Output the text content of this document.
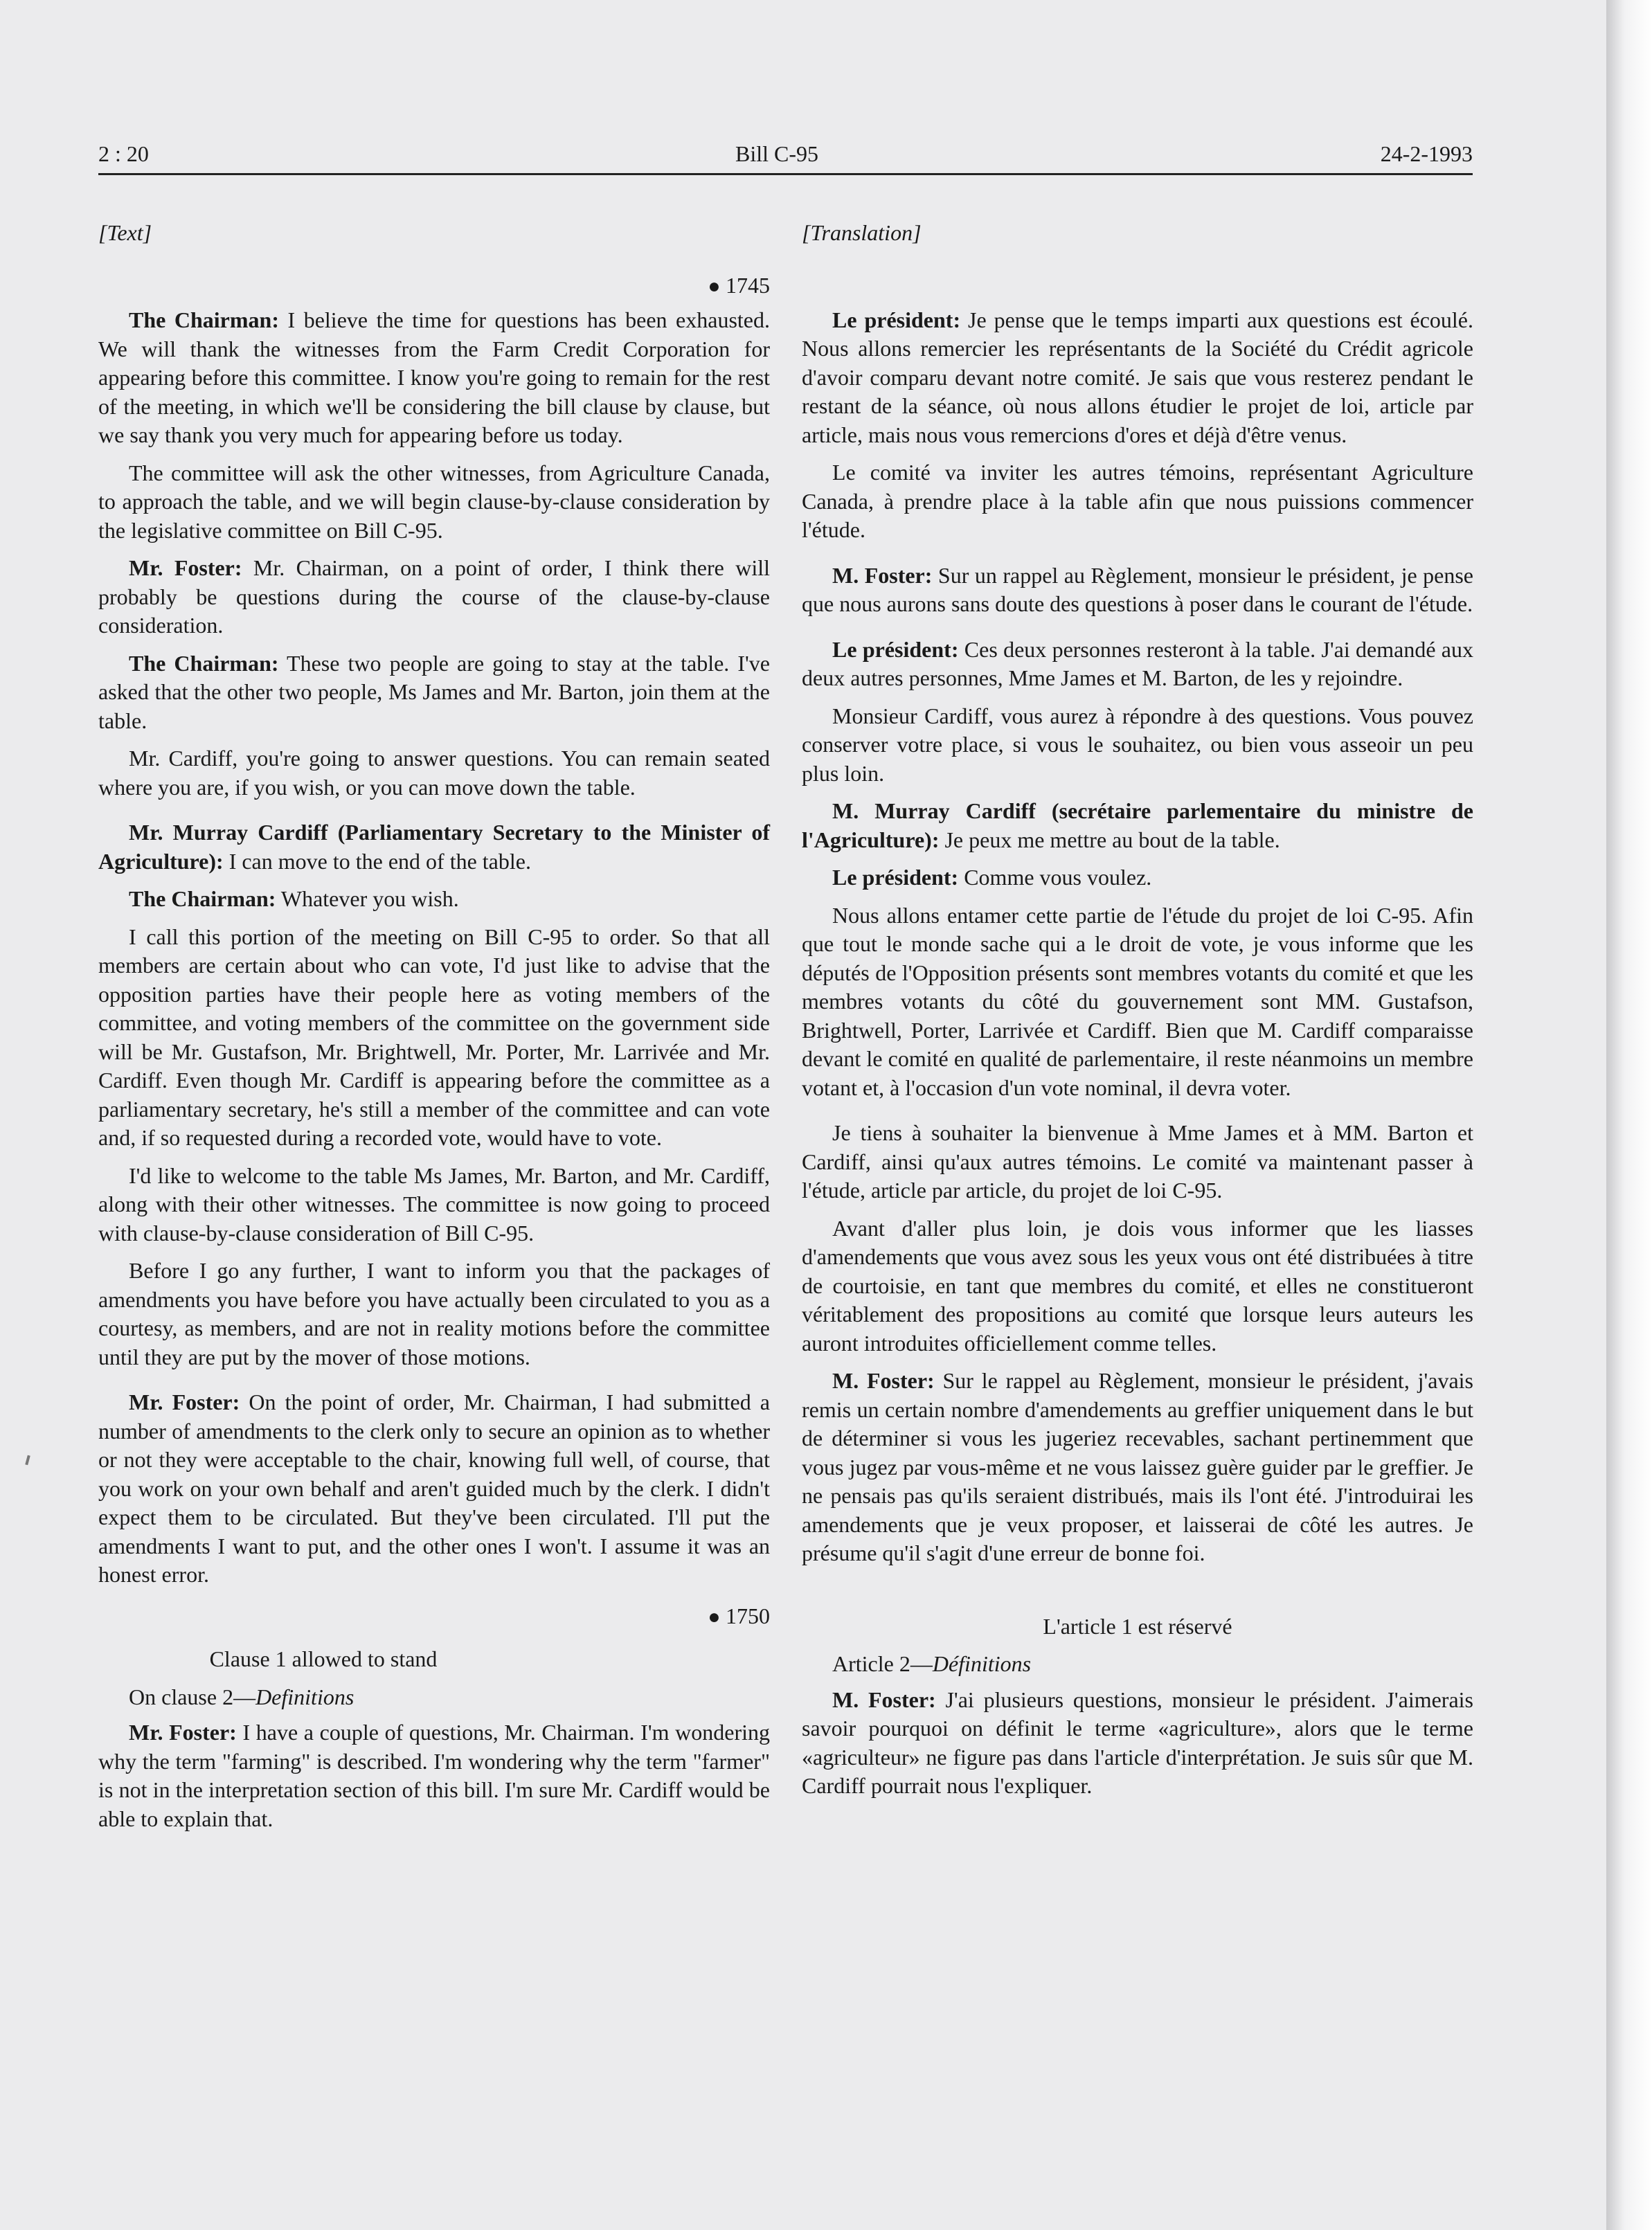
2 : 20	Bill C-95	24-2-1993
[Text]
● 1745

The Chairman: I believe the time for questions has been exhausted. We will thank the witnesses from the Farm Credit Corporation for appearing before this committee. I know you're going to remain for the rest of the meeting, in which we'll be considering the bill clause by clause, but we say thank you very much for appearing before us today.

The committee will ask the other witnesses, from Agriculture Canada, to approach the table, and we will begin clause-by-clause consideration by the legislative committee on Bill C-95.

Mr. Foster: Mr. Chairman, on a point of order, I think there will probably be questions during the course of the clause-by-clause consideration.

The Chairman: These two people are going to stay at the table. I've asked that the other two people, Ms James and Mr. Barton, join them at the table.

Mr. Cardiff, you're going to answer questions. You can remain seated where you are, if you wish, or you can move down the table.

Mr. Murray Cardiff (Parliamentary Secretary to the Minister of Agriculture): I can move to the end of the table.

The Chairman: Whatever you wish.

I call this portion of the meeting on Bill C-95 to order. So that all members are certain about who can vote, I'd just like to advise that the opposition parties have their people here as voting members of the committee, and voting members of the committee on the government side will be Mr. Gustafson, Mr. Brightwell, Mr. Porter, Mr. Larrivée and Mr. Cardiff. Even though Mr. Cardiff is appearing before the committee as a parliamentary secretary, he's still a member of the committee and can vote and, if so requested during a recorded vote, would have to vote.

I'd like to welcome to the table Ms James, Mr. Barton, and Mr. Cardiff, along with their other witnesses. The committee is now going to proceed with clause-by-clause consideration of Bill C-95.

Before I go any further, I want to inform you that the packages of amendments you have before you have actually been circulated to you as a courtesy, as members, and are not in reality motions before the committee until they are put by the mover of those motions.

Mr. Foster: On the point of order, Mr. Chairman, I had submitted a number of amendments to the clerk only to secure an opinion as to whether or not they were acceptable to the chair, knowing full well, of course, that you work on your own behalf and aren't guided much by the clerk. I didn't expect them to be circulated. But they've been circulated. I'll put the amendments I want to put, and the other ones I won't. I assume it was an honest error.

● 1750

Clause 1 allowed to stand

On clause 2—Definitions

Mr. Foster: I have a couple of questions, Mr. Chairman. I'm wondering why the term "farming" is described. I'm wondering why the term "farmer" is not in the interpretation section of this bill. I'm sure Mr. Cardiff would be able to explain that.

[Translation]

Le président: Je pense que le temps imparti aux questions est écoulé. Nous allons remercier les représentants de la Société du Crédit agricole d'avoir comparu devant notre comité. Je sais que vous resterez pendant le restant de la séance, où nous allons étudier le projet de loi, article par article, mais nous vous remercions d'ores et déjà d'être venus.

Le comité va inviter les autres témoins, représentant Agriculture Canada, à prendre place à la table afin que nous puissions commencer l'étude.

M. Foster: Sur un rappel au Règlement, monsieur le président, je pense que nous aurons sans doute des questions à poser dans le courant de l'étude.

Le président: Ces deux personnes resteront à la table. J'ai demandé aux deux autres personnes, Mme James et M. Barton, de les y rejoindre.

Monsieur Cardiff, vous aurez à répondre à des questions. Vous pouvez conserver votre place, si vous le souhaitez, ou bien vous asseoir un peu plus loin.

M. Murray Cardiff (secrétaire parlementaire du ministre de l'Agriculture): Je peux me mettre au bout de la table.

Le président: Comme vous voulez.

Nous allons entamer cette partie de l'étude du projet de loi C-95. Afin que tout le monde sache qui a le droit de vote, je vous informe que les députés de l'Opposition présents sont membres votants du comité et que les membres votants du côté du gouvernement sont MM. Gustafson, Brightwell, Porter, Larrivée et Cardiff. Bien que M. Cardiff comparaisse devant le comité en qualité de parlementaire, il reste néanmoins un membre votant et, à l'occasion d'un vote nominal, il devra voter.

Je tiens à souhaiter la bienvenue à Mme James et à MM. Barton et Cardiff, ainsi qu'aux autres témoins. Le comité va maintenant passer à l'étude, article par article, du projet de loi C-95.

Avant d'aller plus loin, je dois vous informer que les liasses d'amendements que vous avez sous les yeux vous ont été distribuées à titre de courtoisie, en tant que membres du comité, et elles ne constitueront véritablement des propositions au comité que lorsque leurs auteurs les auront introduites officiellement comme telles.

M. Foster: Sur le rappel au Règlement, monsieur le président, j'avais remis un certain nombre d'amendements au greffier uniquement dans le but de déterminer si vous les jugeriez recevables, sachant pertinemment que vous jugez par vous-même et ne vous laissez guère guider par le greffier. Je ne pensais pas qu'ils seraient distribués, mais ils l'ont été. J'introduirai les amendements que je veux proposer, et laisserai de côté les autres. Je présume qu'il s'agit d'une erreur de bonne foi.

L'article 1 est réservé

Article 2—Définitions

M. Foster: J'ai plusieurs questions, monsieur le président. J'aimerais savoir pourquoi on définit le terme «agriculture», alors que le terme «agriculteur» ne figure pas dans l'article d'interprétation. Je suis sûr que M. Cardiff pourrait nous l'expliquer.
